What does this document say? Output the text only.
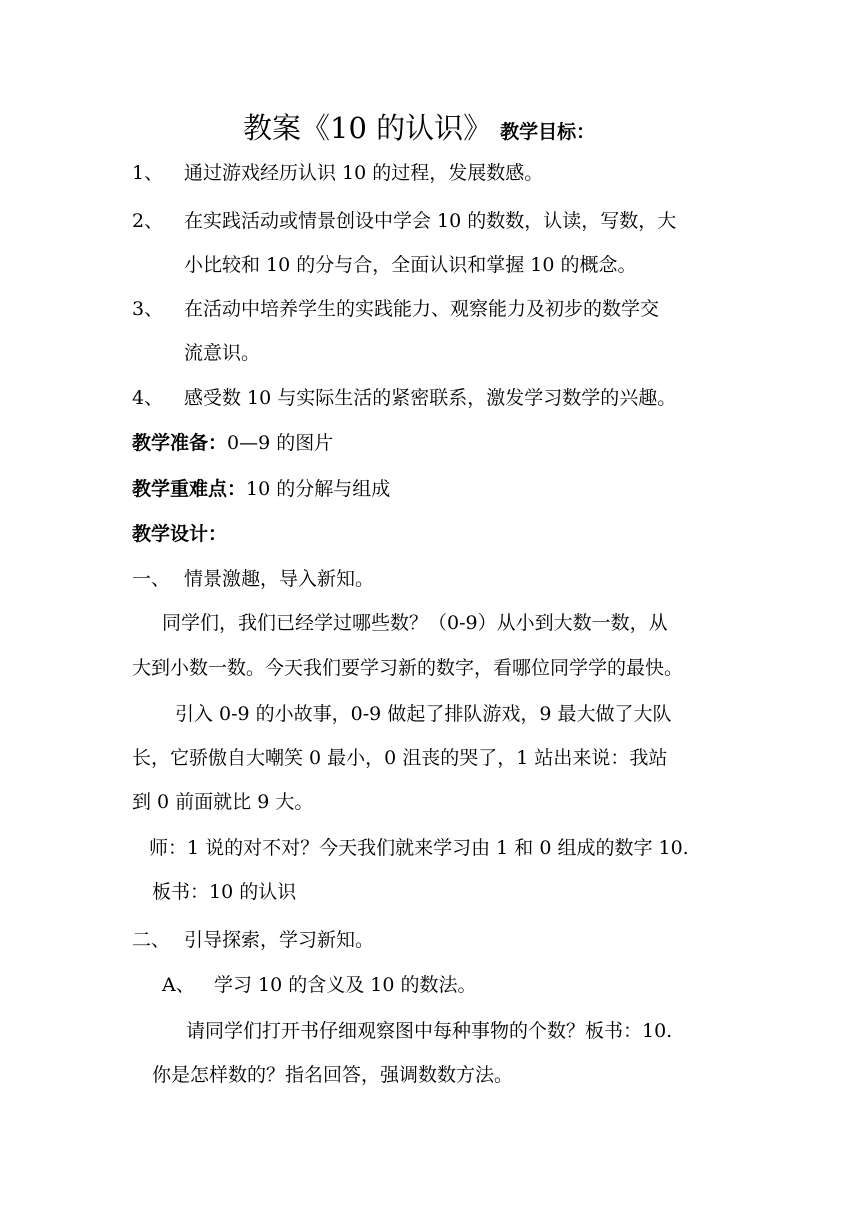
教案《10 的认识》 教学目标：
1、 通过游戏经历认识 10 的过程，发展数感。
2、 在实践活动或情景创设中学会 10 的数数，认读，写数，大
小比较和 10 的分与合，全面认识和掌握 10 的概念。
3、 在活动中培养学生的实践能力、观察能力及初步的数学交
流意识。
4、 感受数 10 与实际生活的紧密联系，激发学习数学的兴趣。
教学准备：0—9 的图片
教学重难点：10 的分解与组成
教学设计：
一、 情景激趣，导入新知。
同学们，我们已经学过哪些数？（0-9）从小到大数一数，从
大到小数一数。今天我们要学习新的数字，看哪位同学学的最快。
引入 0-9 的小故事，0-9 做起了排队游戏，9 最大做了大队
长，它骄傲自大嘲笑 0 最小，0 沮丧的哭了，1 站出来说：我站
到 0 前面就比 9 大。
师：1 说的对不对？今天我们就来学习由 1 和 0 组成的数字 10.
板书：10 的认识
二、 引导探索，学习新知。
A、 学习 10 的含义及 10 的数法。
请同学们打开书仔细观察图中每种事物的个数？板书：10.
你是怎样数的？指名回答，强调数数方法。
